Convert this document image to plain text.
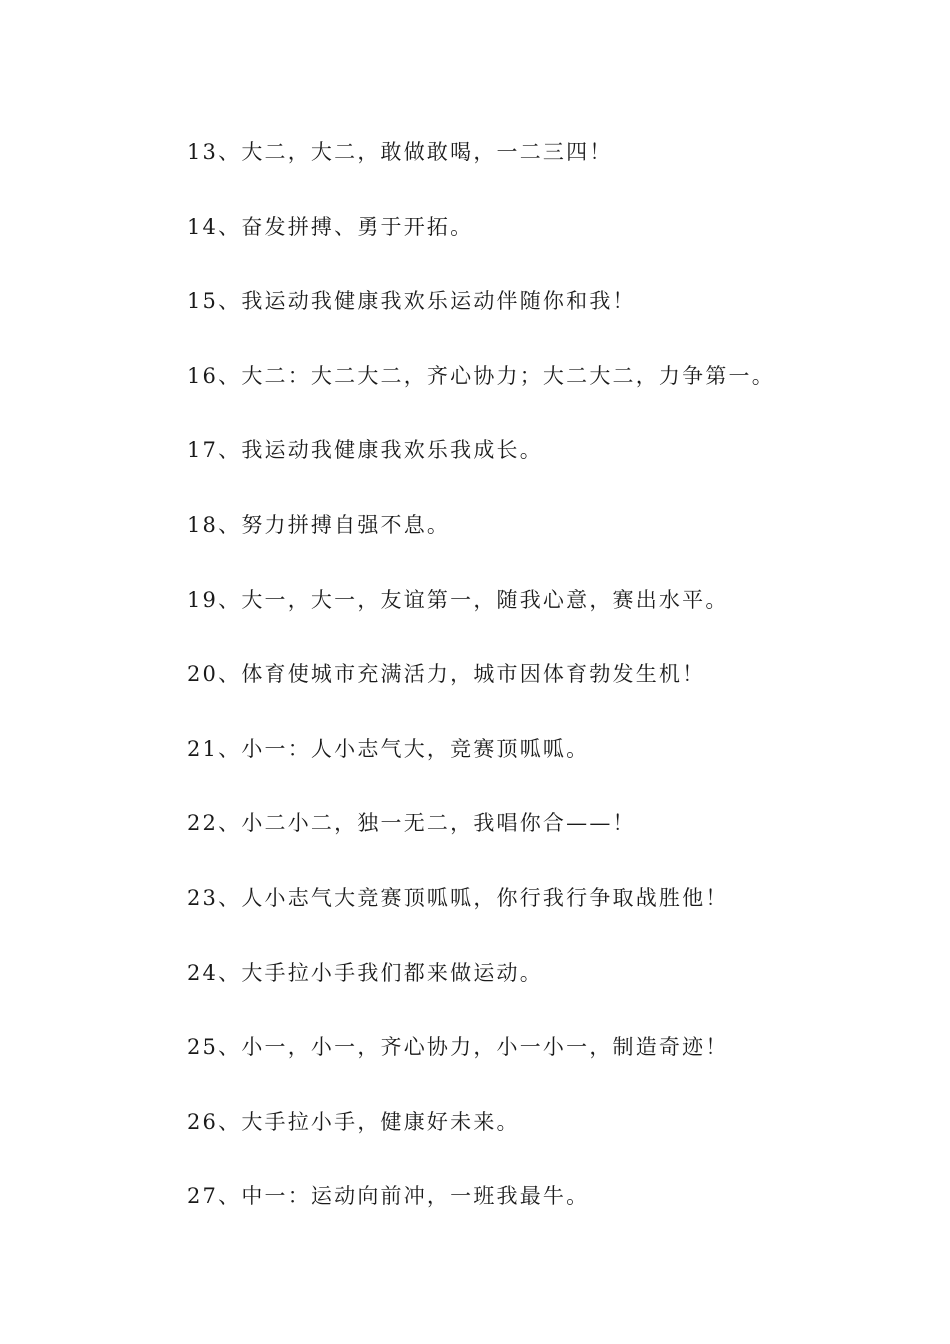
13、大二，大二，敢做敢喝，一二三四！
14、奋发拼搏、勇于开拓。
15、我运动我健康我欢乐运动伴随你和我！
16、大二：大二大二，齐心协力；大二大二，力争第一。
17、我运动我健康我欢乐我成长。
18、努力拼搏自强不息。
19、大一，大一，友谊第一，随我心意，赛出水平。
20、体育使城市充满活力，城市因体育勃发生机！
21、小一：人小志气大，竞赛顶呱呱。
22、小二小二，独一无二，我唱你合——！
23、人小志气大竞赛顶呱呱，你行我行争取战胜他！
24、大手拉小手我们都来做运动。
25、小一，小一，齐心协力，小一小一，制造奇迹！
26、大手拉小手，健康好未来。
27、中一：运动向前冲，一班我最牛。
